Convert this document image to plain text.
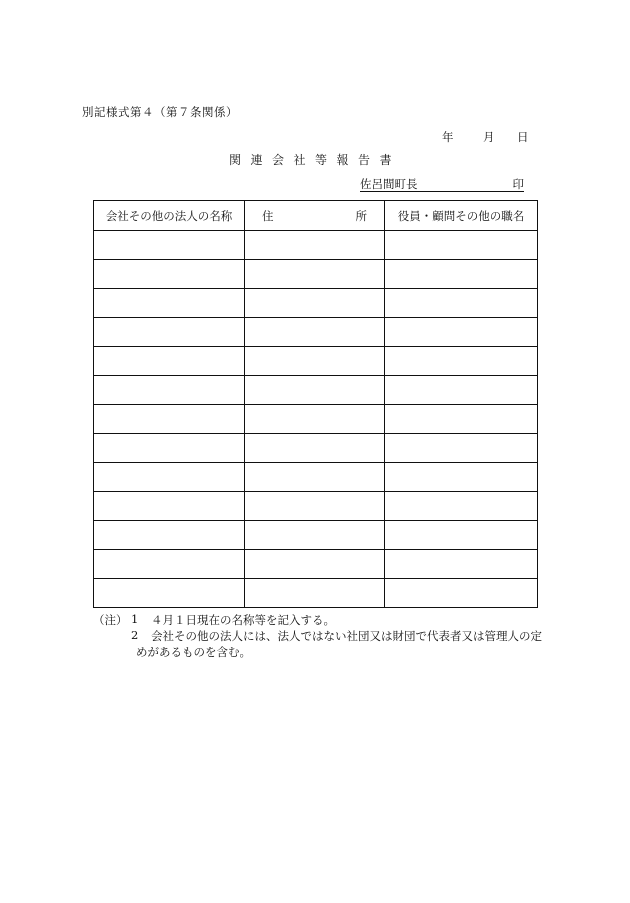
別記様式第４（第７条関係）
年	月 日
関連会社等報告書
佐呂間町長	印
会社その他の法人の名称	住 所	役員・顧問その他の職名

（注） 1 ４月１日現在の名称等を記入する。
2 会社その他の法人には、法人ではない社団又は財団で代表者又は管理人の定
めがあるものを含む。
